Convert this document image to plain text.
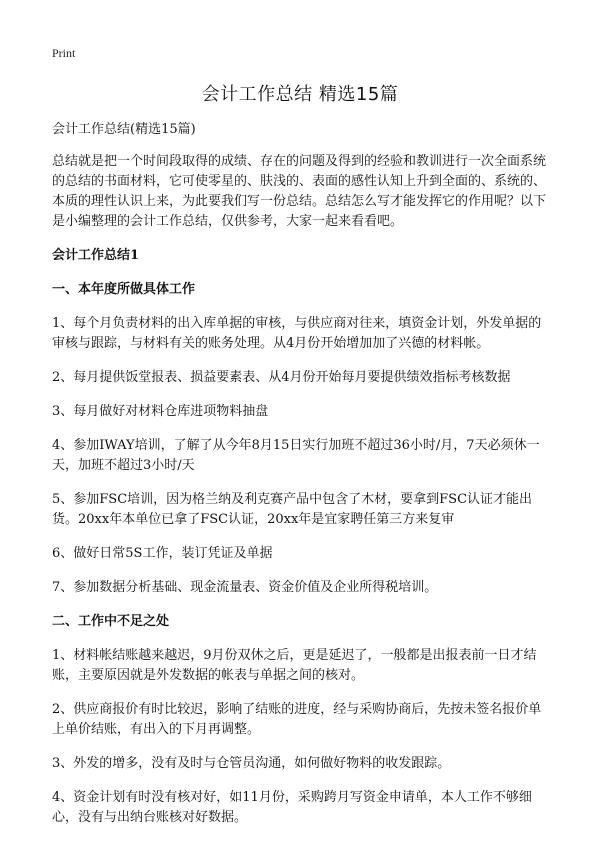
Print
会计工作总结 精选15篇

会计工作总结(精选15篇)

总结就是把一个时间段取得的成绩、存在的问题及得到的经验和教训进行一次全面系统的总结的书面材料，它可使零星的、肤浅的、表面的感性认知上升到全面的、系统的、本质的理性认识上来，为此要我们写一份总结。总结怎么写才能发挥它的作用呢？以下是小编整理的会计工作总结，仅供参考，大家一起来看看吧。

会计工作总结1

一、本年度所做具体工作

1、每个月负责材料的出入库单据的审核，与供应商对往来，填资金计划，外发单据的审核与跟踪，与材料有关的账务处理。从4月份开始增加加了兴德的材料帐。

2、每月提供饭堂报表、损益要素表、从4月份开始每月要提供绩效指标考核数据

3、每月做好对材料仓库进项物料抽盘

4、参加IWAY培训，了解了从今年8月15日实行加班不超过36小时/月，7天必须休一天，加班不超过3小时/天

5、参加FSC培训，因为格兰纳及利克赛产品中包含了木材，要拿到FSC认证才能出货。20xx年本单位已拿了FSC认证，20xx年是宜家聘任第三方来复审

6、做好日常5S工作，装订凭证及单据

7、参加数据分析基础、现金流量表、资金价值及企业所得税培训。

二、工作中不足之处

1、材料帐结账越来越迟，9月份双休之后，更是延迟了，一般都是出报表前一日才结账，主要原因就是外发数据的帐表与单据之间的核对。

2、供应商报价有时比较迟，影响了结账的进度，经与采购协商后，先按未签名报价单上单价结账，有出入的下月再调整。

3、外发的增多，没有及时与仓管员沟通，如何做好物料的收发跟踪。

4、资金计划有时没有核对好，如11月份，采购跨月写资金申请单，本人工作不够细心，没有与出纳台账核对好数据。
